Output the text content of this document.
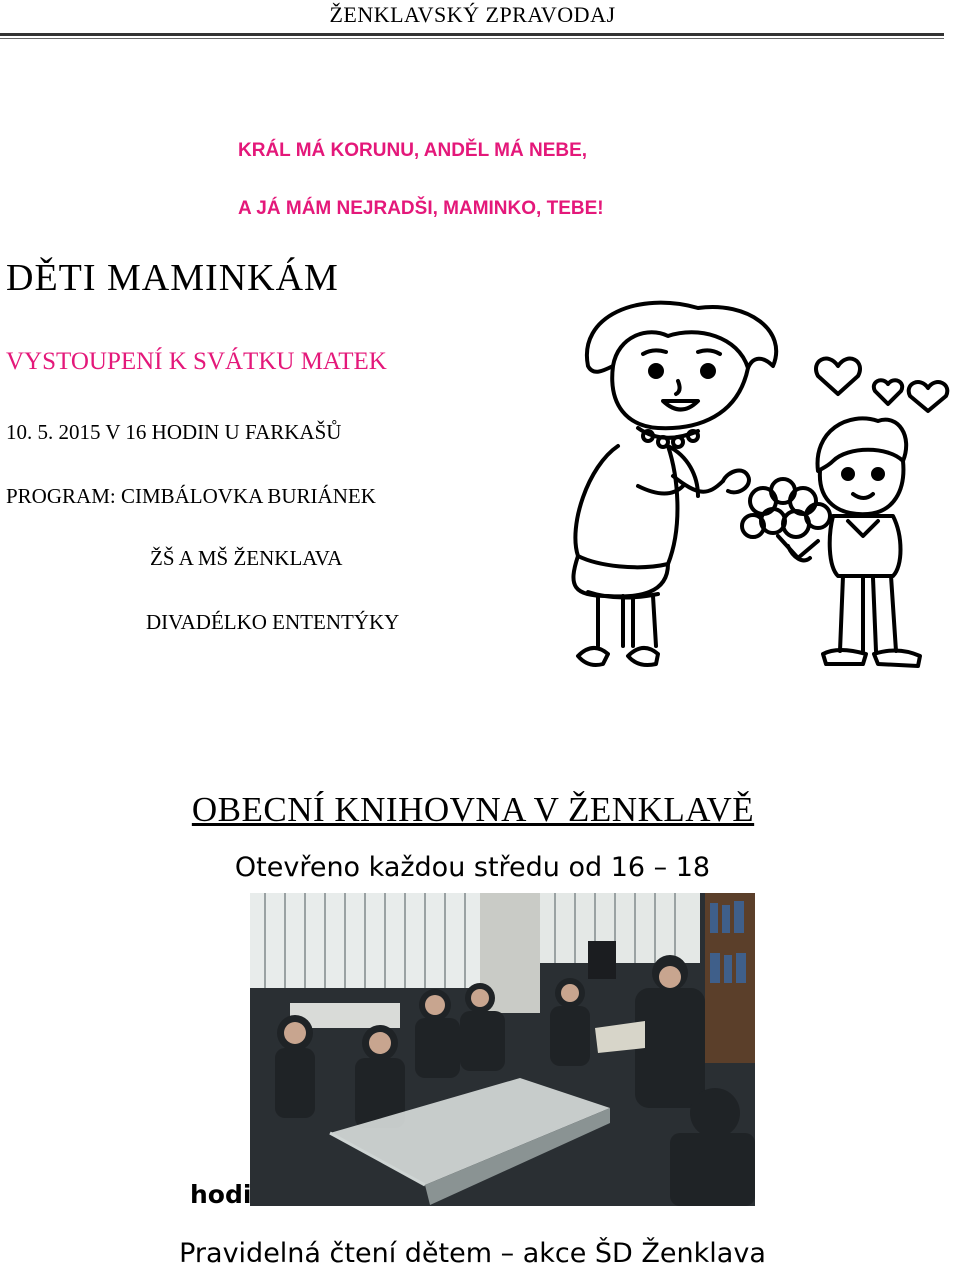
ŽENKLAVSKÝ ZPRAVODAJ
KRÁL MÁ KORUNU, ANDĚL MÁ NEBE,
A JÁ MÁM NEJRADŠI, MAMINKO, TEBE!
DĚTI MAMINKÁM
VYSTOUPENÍ K SVÁTKU MATEK
10. 5. 2015 V 16 HODIN U FARKAŠŮ
PROGRAM: CIMBÁLOVKA BURIÁNEK
ŽŠ A MŠ ŽENKLAVA
DIVADÉLKO ENTENTÝKY
OBECNÍ KNIHOVNA V ŽENKLAVĚ
Otevřeno každou středu od 16 – 18
hodi
Pravidelná čtení dětem – akce ŠD Ženklava
